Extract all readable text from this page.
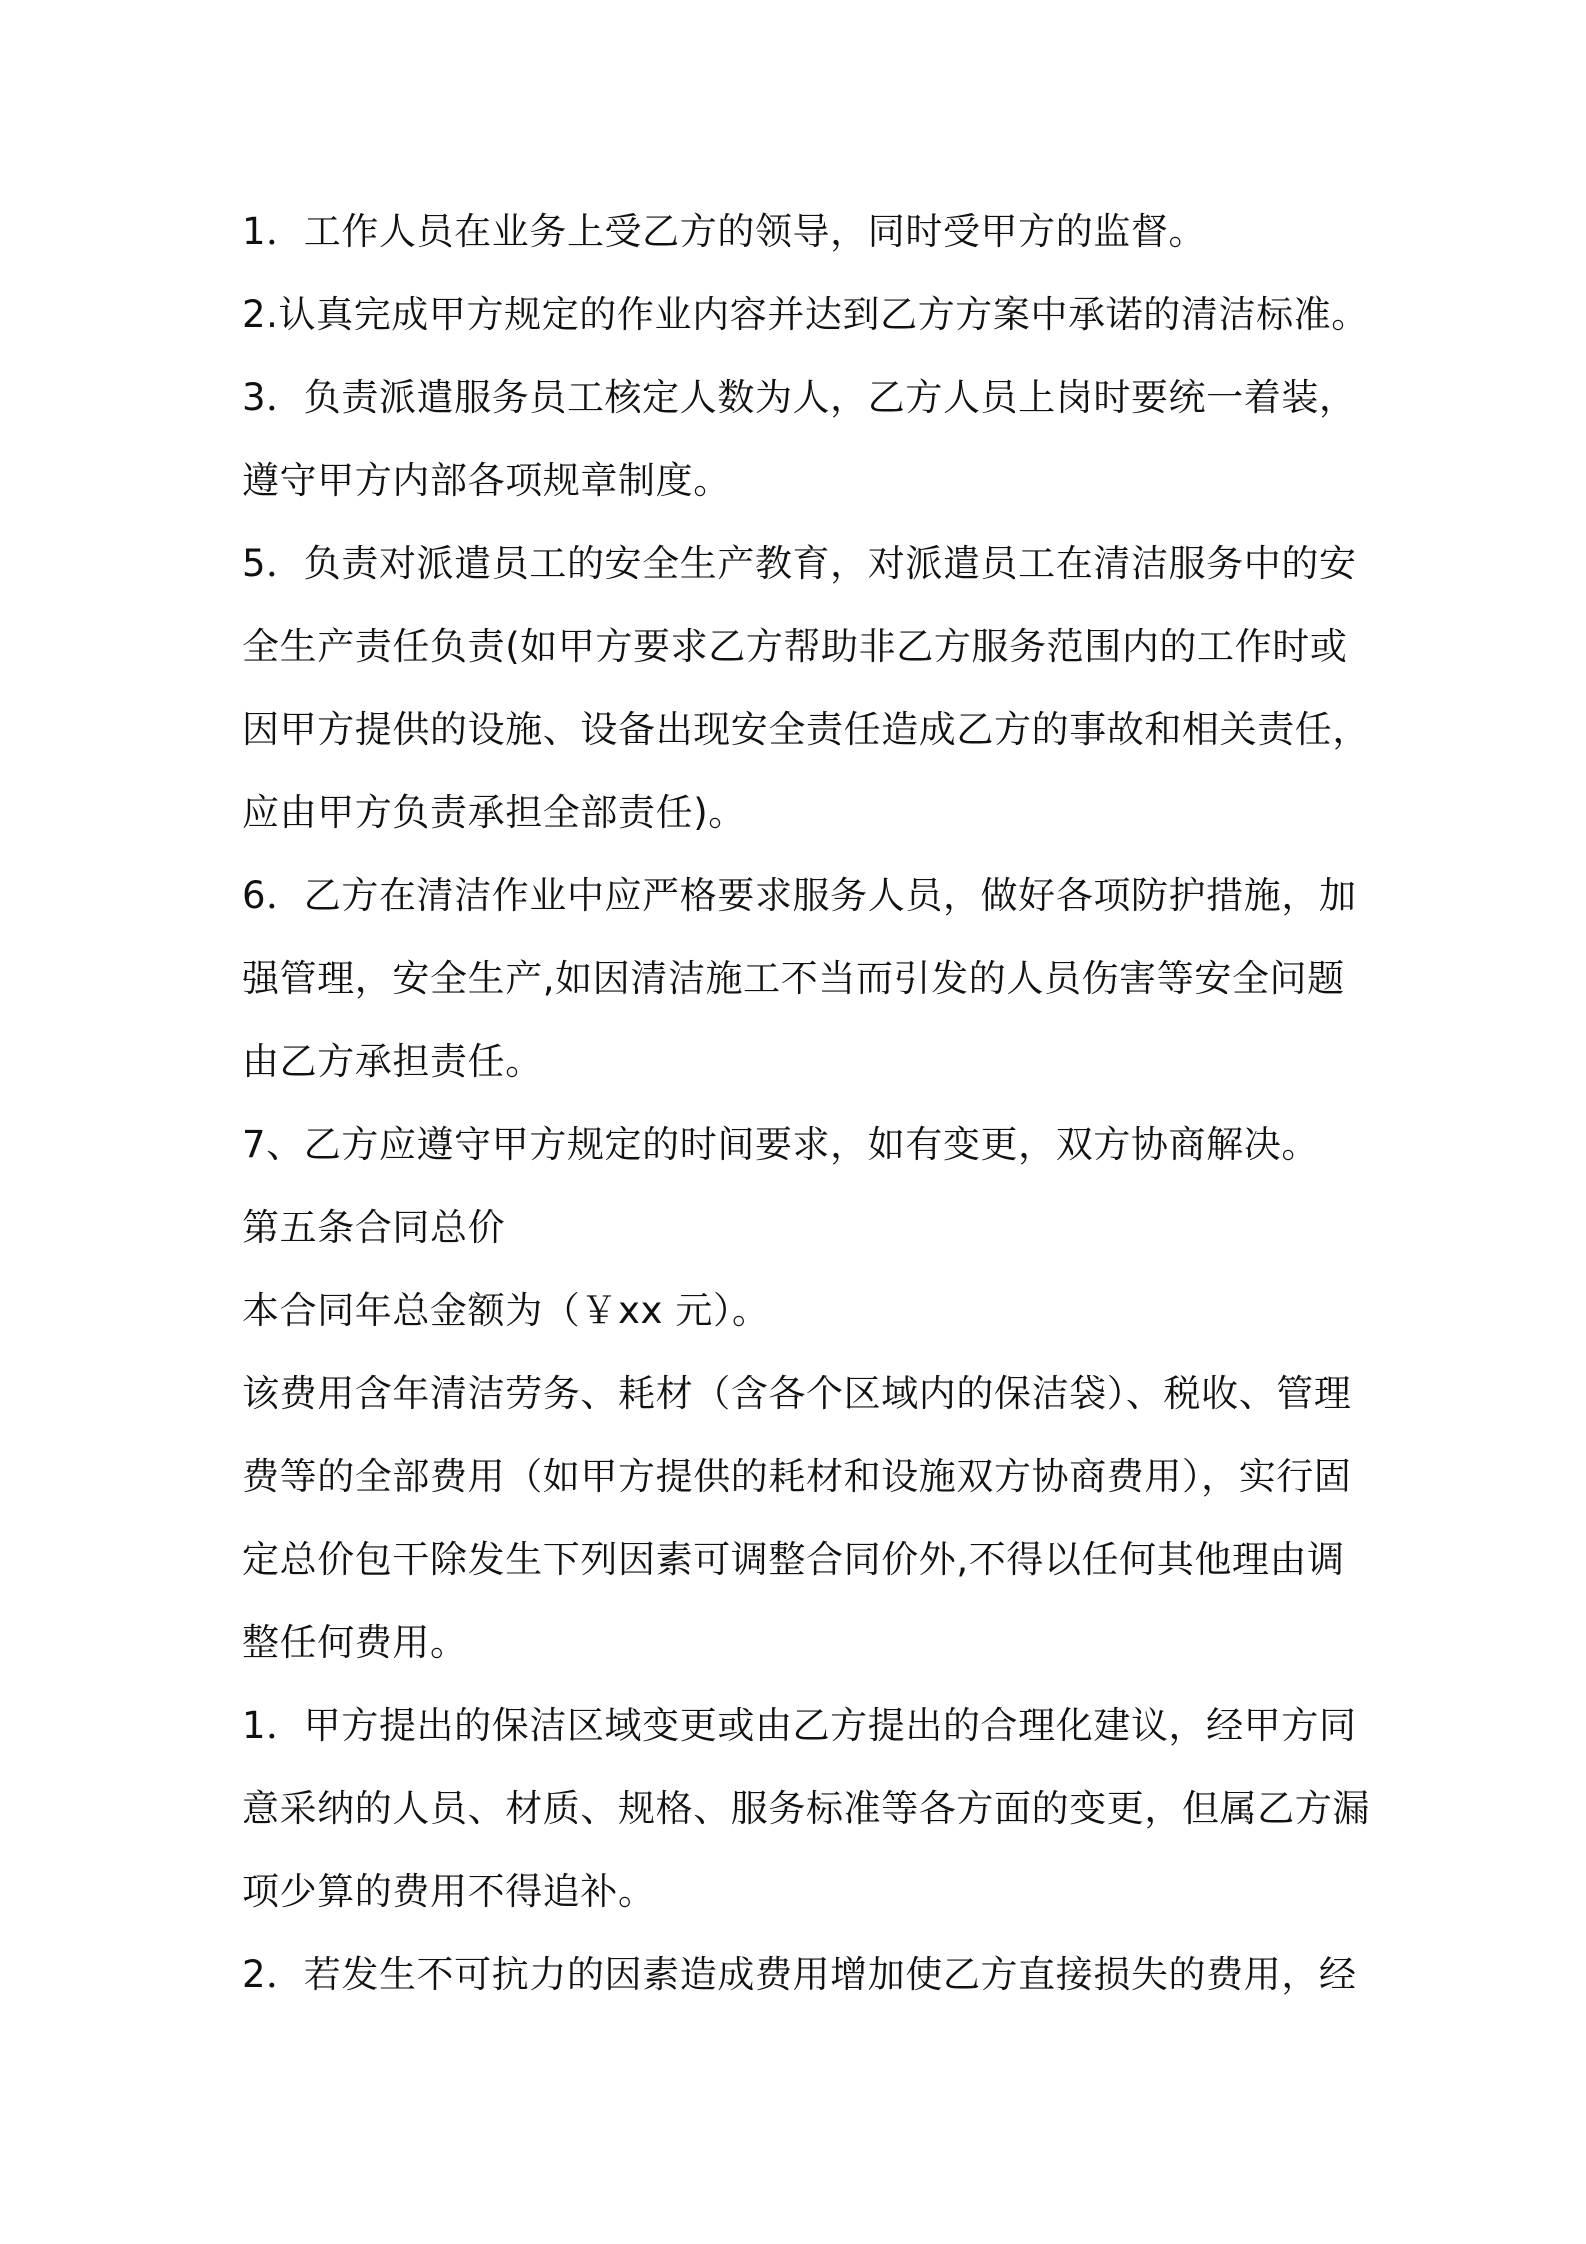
1．工作人员在业务上受乙方的领导，同时受甲方的监督。
2.认真完成甲方规定的作业内容并达到乙方方案中承诺的清洁标准。
3．负责派遣服务员工核定人数为人，乙方人员上岗时要统一着装，
遵守甲方内部各项规章制度。
5．负责对派遣员工的安全生产教育，对派遣员工在清洁服务中的安
全生产责任负责(如甲方要求乙方帮助非乙方服务范围内的工作时或
因甲方提供的设施、设备出现安全责任造成乙方的事故和相关责任，
应由甲方负责承担全部责任)。
6．乙方在清洁作业中应严格要求服务人员，做好各项防护措施，加
强管理，安全生产,如因清洁施工不当而引发的人员伤害等安全问题
由乙方承担责任。
7、乙方应遵守甲方规定的时间要求，如有变更，双方协商解决。
第五条合同总价
本合同年总金额为（￥xx 元）。
该费用含年清洁劳务、耗材（含各个区域内的保洁袋）、税收、管理
费等的全部费用（如甲方提供的耗材和设施双方协商费用），实行固
定总价包干除发生下列因素可调整合同价外,不得以任何其他理由调
整任何费用。
1．甲方提出的保洁区域变更或由乙方提出的合理化建议，经甲方同
意采纳的人员、材质、规格、服务标准等各方面的变更，但属乙方漏
项少算的费用不得追补。
2．若发生不可抗力的因素造成费用增加使乙方直接损失的费用，经
